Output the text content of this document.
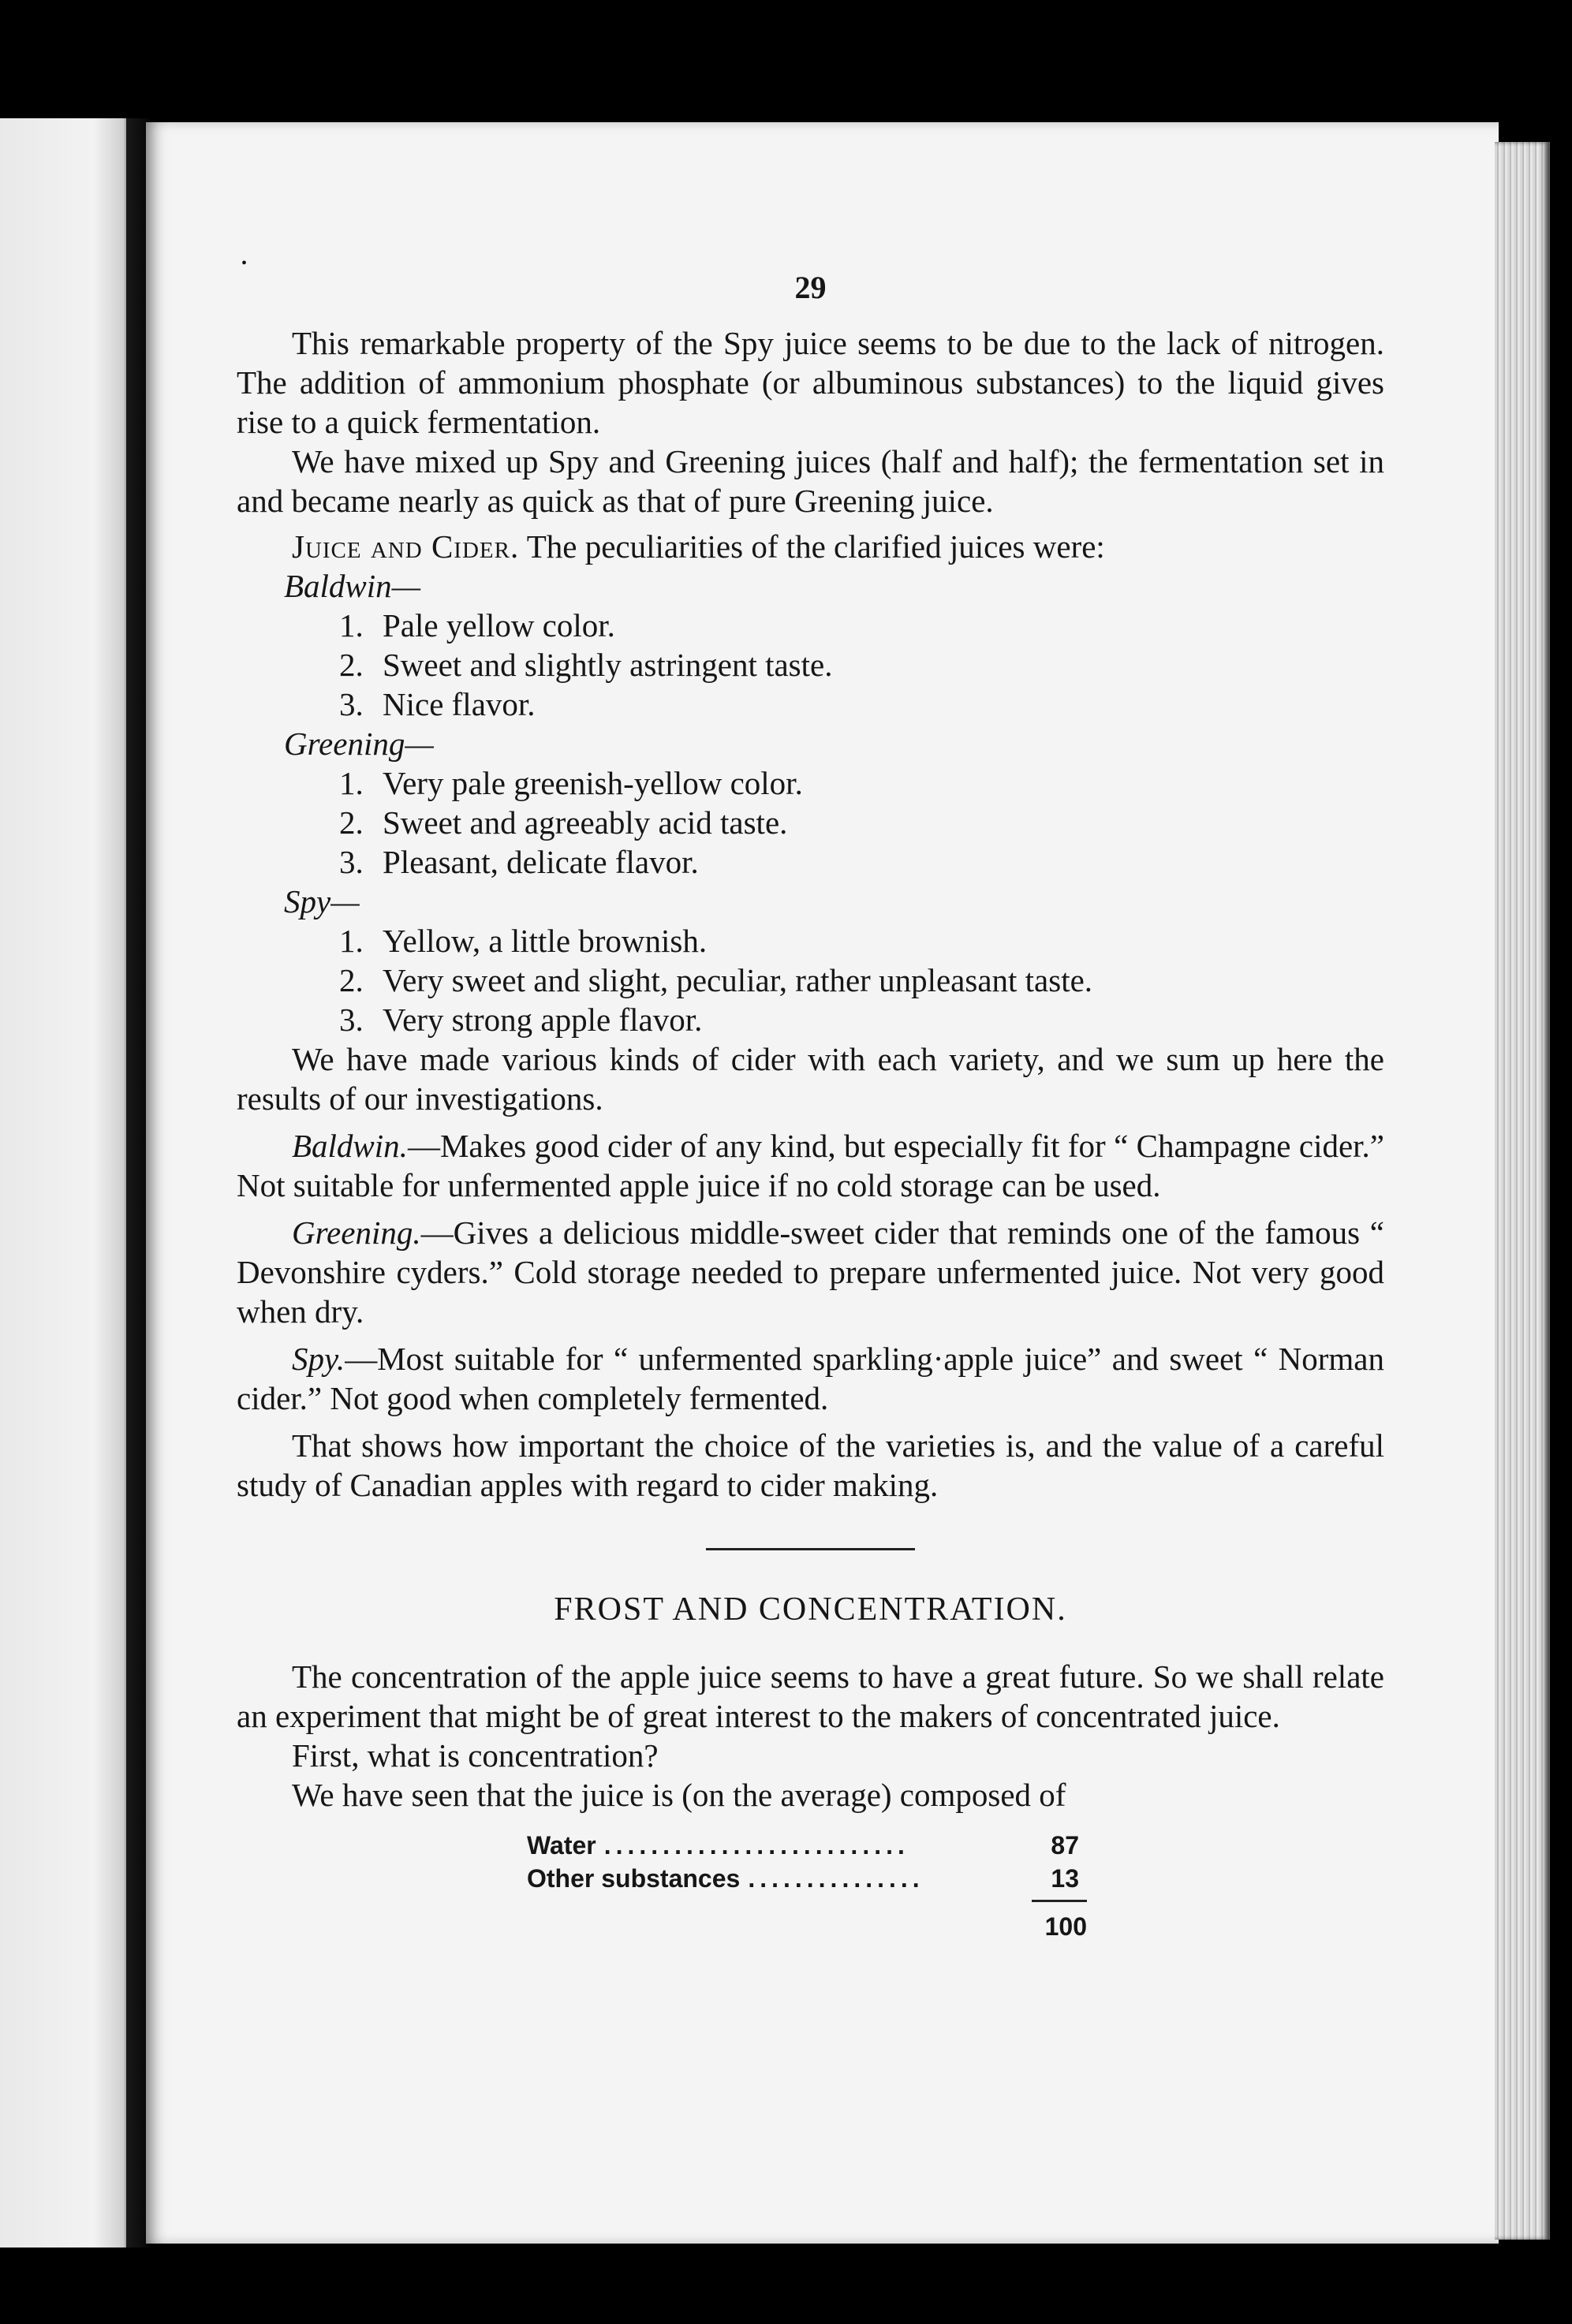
•
29

This remarkable property of the Spy juice seems to be due to the lack of nitrogen. The addition of ammonium phosphate (or albuminous substances) to the liquid gives rise to a quick fermentation.

We have mixed up Spy and Greening juices (half and half); the fermentation set in and became nearly as quick as that of pure Greening juice.

Juice and Cider. The peculiarities of the clarified juices were:

Baldwin—
1. Pale yellow color.
2. Sweet and slightly astringent taste.
3. Nice flavor.
Greening—
1. Very pale greenish-yellow color.
2. Sweet and agreeably acid taste.
3. Pleasant, delicate flavor.
Spy—
1. Yellow, a little brownish.
2. Very sweet and slight, peculiar, rather unpleasant taste.
3. Very strong apple flavor.

We have made various kinds of cider with each variety, and we sum up here the results of our investigations.

Baldwin.—Makes good cider of any kind, but especially fit for “ Champagne cider.” Not suitable for unfermented apple juice if no cold storage can be used.

Greening.—Gives a delicious middle-sweet cider that reminds one of the famous “ Devonshire cyders.” Cold storage needed to prepare unfermented juice. Not very good when dry.

Spy.—Most suitable for “ unfermented sparkling·apple juice” and sweet “ Norman cider.” Not good when completely fermented.

That shows how important the choice of the varieties is, and the value of a careful study of Canadian apples with regard to cider making.

FROST AND CONCENTRATION.

The concentration of the apple juice seems to have a great future. So we shall relate an experiment that might be of great interest to the makers of concentrated juice.

First, what is concentration?

We have seen that the juice is (on the average) composed of

Water ..........................	87
Other substances ...............	13
100
